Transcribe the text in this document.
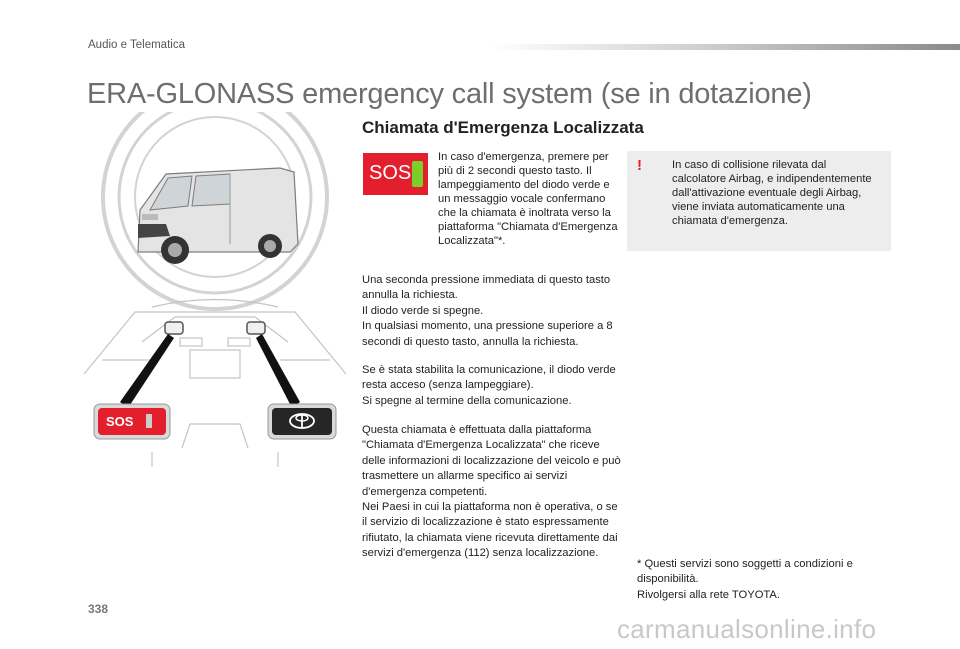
Audio e Telematica
ERA-GLONASS emergency call system (se in dotazione)
SOS
Chiamata d'Emergenza Localizzata
SOS

In caso d'emergenza, premere per più di 2 secondi questo tasto. Il lampeggiamento del diodo verde e un messaggio vocale confermano che la chiamata è inoltrata verso la piattaforma "Chiamata d'Emergenza Localizzata"*.

Una seconda pressione immediata di questo tasto annulla la richiesta.
Il diodo verde si spegne.
In qualsiasi momento, una pressione superiore a 8 secondi di questo tasto, annulla la richiesta.
Se è stata stabilita la comunicazione, il diodo verde resta acceso (senza lampeggiare).
Si spegne al termine della comunicazione.
Questa chiamata è effettuata dalla piattaforma "Chiamata d'Emergenza Localizzata" che riceve delle informazioni di localizzazione del veicolo e può trasmettere un allarme specifico ai servizi d'emergenza competenti.
Nei Paesi in cui la piattaforma non è operativa, o se il servizio di localizzazione è stato espressamente rifiutato, la chiamata viene ricevuta direttamente dai servizi d'emergenza (112) senza localizzazione.
!	In caso di collisione rilevata dal calcolatore Airbag, e indipendentemente dall'attivazione eventuale degli Airbag, viene inviata automaticamente una chiamata d'emergenza.

* Questi servizi sono soggetti a condizioni e disponibilità.
Rivolgersi alla rete TOYOTA.
338
carmanualsonline.info
